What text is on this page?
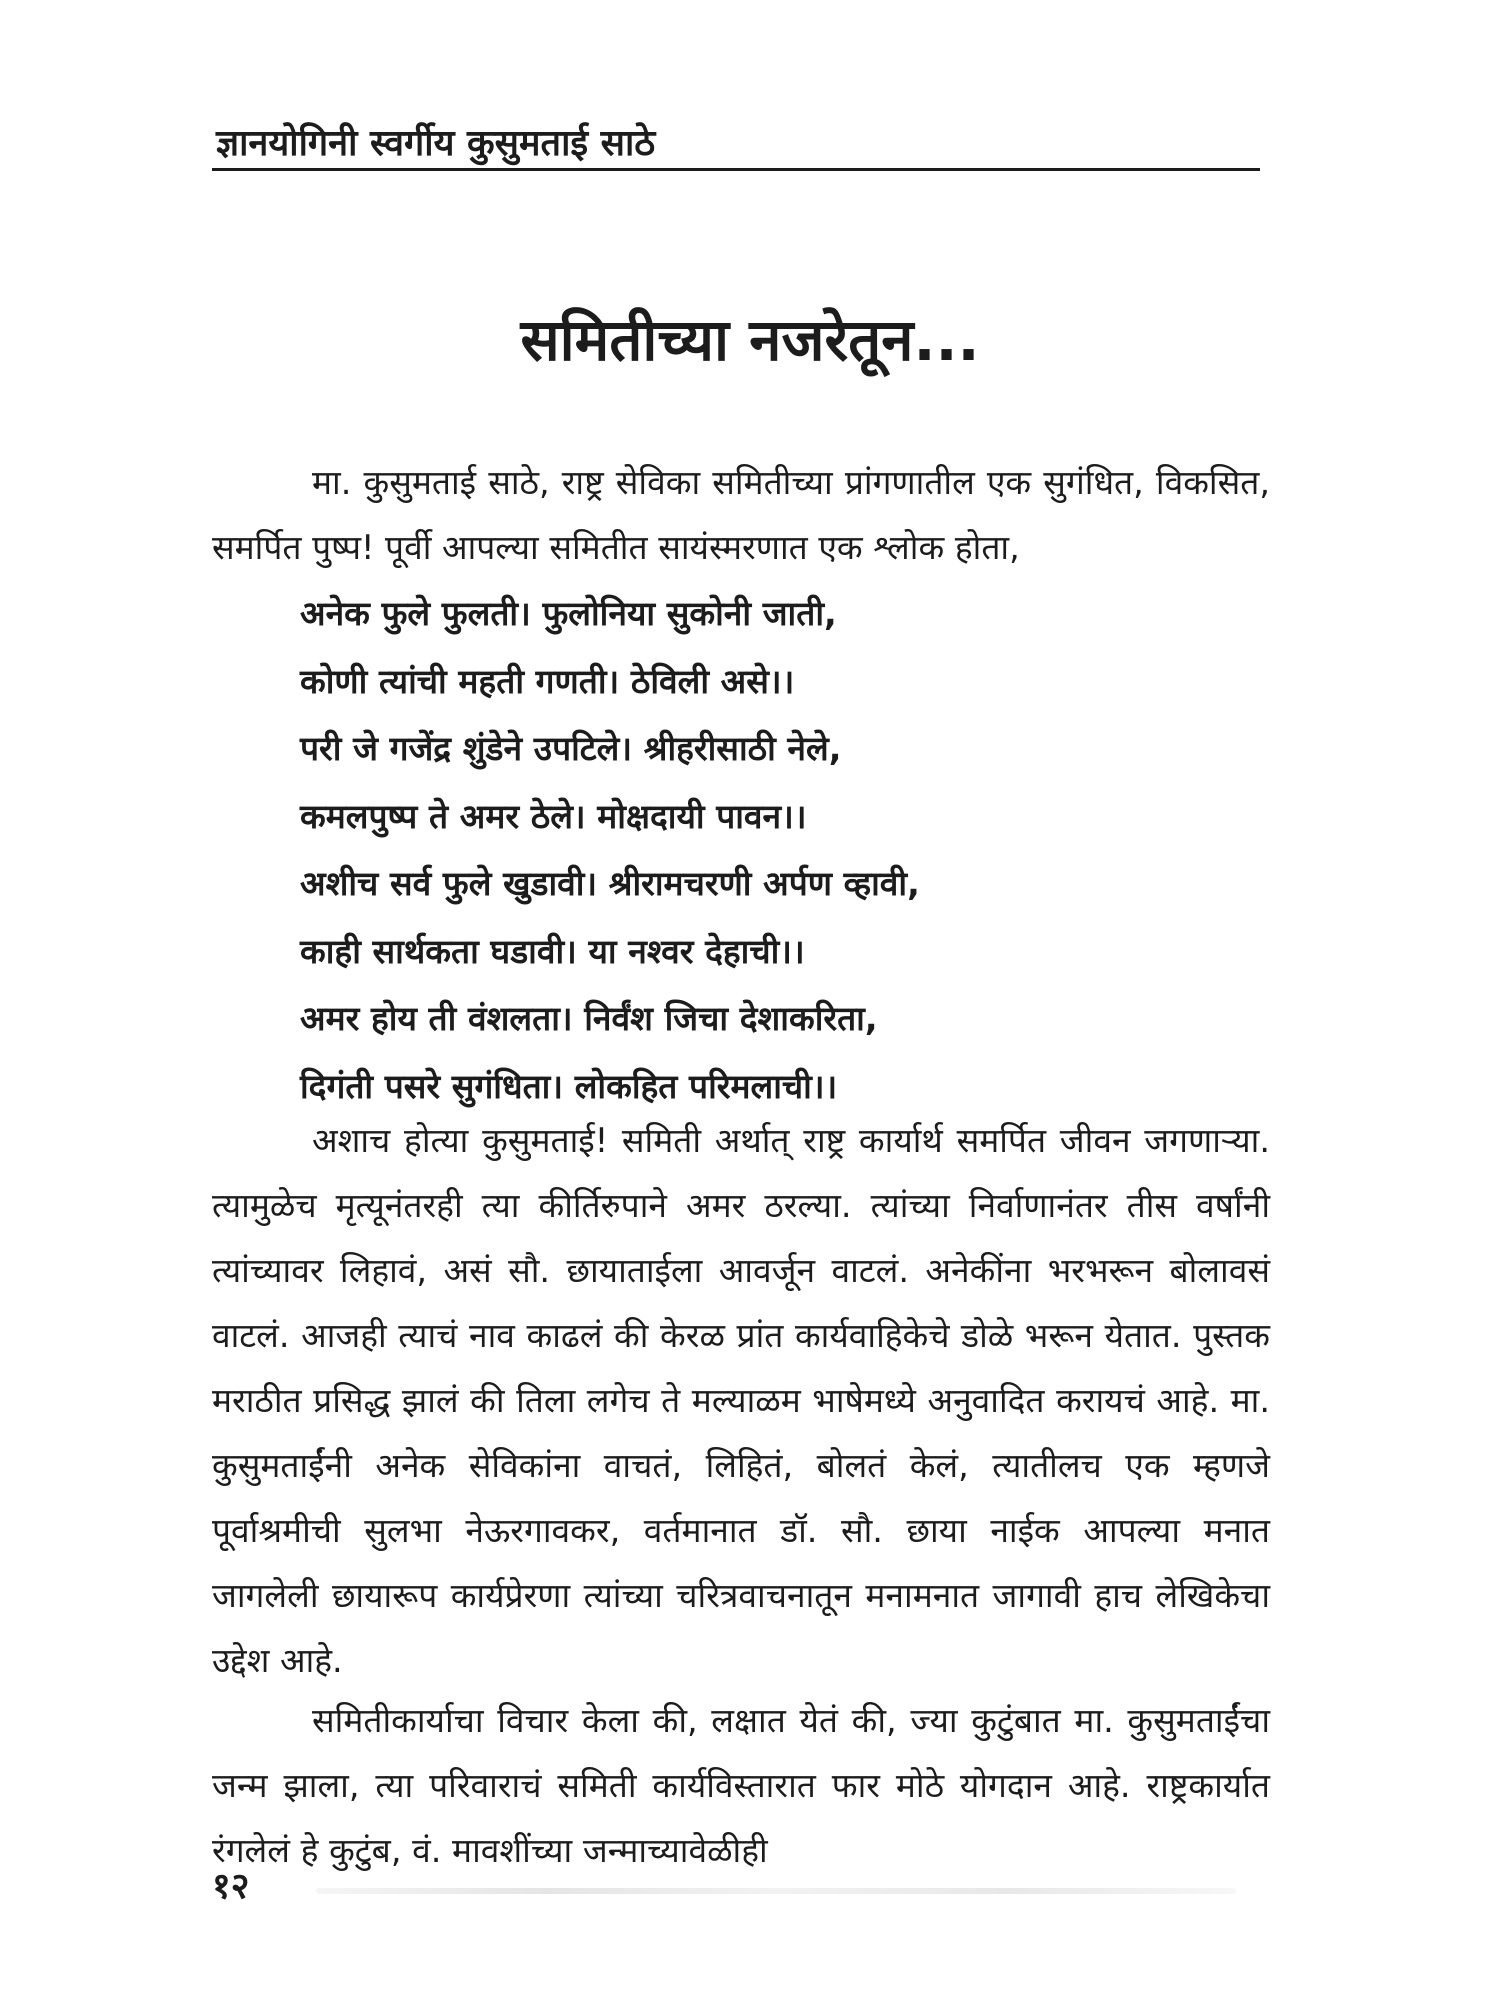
ज्ञानयोगिनी स्वर्गीय कुसुमताई साठे
समितीच्या नजरेतून...

मा. कुसुमताई साठे, राष्ट्र सेविका समितीच्या प्रांगणातील एक सुगंधित, विकसित, समर्पित पुष्प! पूर्वी आपल्या समितीत सायंस्मरणात एक श्लोक होता,

अनेक फुले फुलती। फुलोनिया सुकोनी जाती,
कोणी त्यांची महती गणती। ठेविली असे।।
परी जे गजेंद्र शुंडेने उपटिले। श्रीहरीसाठी नेले,
कमलपुष्प ते अमर ठेले। मोक्षदायी पावन।।
अशीच सर्व फुले खुडावी। श्रीरामचरणी अर्पण व्हावी,
काही सार्थकता घडावी। या नश्वर देहाची।।
अमर होय ती वंशलता। निर्वंश जिचा देशाकरिता,
दिगंती पसरे सुगंधिता। लोकहित परिमलाची।।

अशाच होत्या कुसुमताई! समिती अर्थात् राष्ट्र कार्यार्थ समर्पित जीवन जगणाऱ्या. त्यामुळेच मृत्यूनंतरही त्या कीर्तिरुपाने अमर ठरल्या. त्यांच्या निर्वाणानंतर तीस वर्षांनी त्यांच्यावर लिहावं, असं सौ. छायाताईला आवर्जून वाटलं. अनेकींना भरभरून बोलावसं वाटलं. आजही त्याचं नाव काढलं की केरळ प्रांत कार्यवाहिकेचे डोळे भरून येतात. पुस्तक मराठीत प्रसिद्ध झालं की तिला लगेच ते मल्याळम भाषेमध्ये अनुवादित करायचं आहे. मा. कुसुमताईंनी अनेक सेविकांना वाचतं, लिहितं, बोलतं केलं, त्यातीलच एक म्हणजे पूर्वाश्रमीची सुलभा नेऊरगावकर, वर्तमानात डॉ. सौ. छाया नाईक आपल्या मनात जागलेली छायारूप कार्यप्रेरणा त्यांच्या चरित्रवाचनातून मनामनात जागावी हाच लेखिकेचा उद्देश आहे.

समितीकार्याचा विचार केला की, लक्षात येतं की, ज्या कुटुंबात मा. कुसुमताईंचा जन्म झाला, त्या परिवाराचं समिती कार्यविस्तारात फार मोठे योगदान आहे. राष्ट्रकार्यात रंगलेलं हे कुटुंब, वं. मावशींच्या जन्माच्यावेळीही

१२
